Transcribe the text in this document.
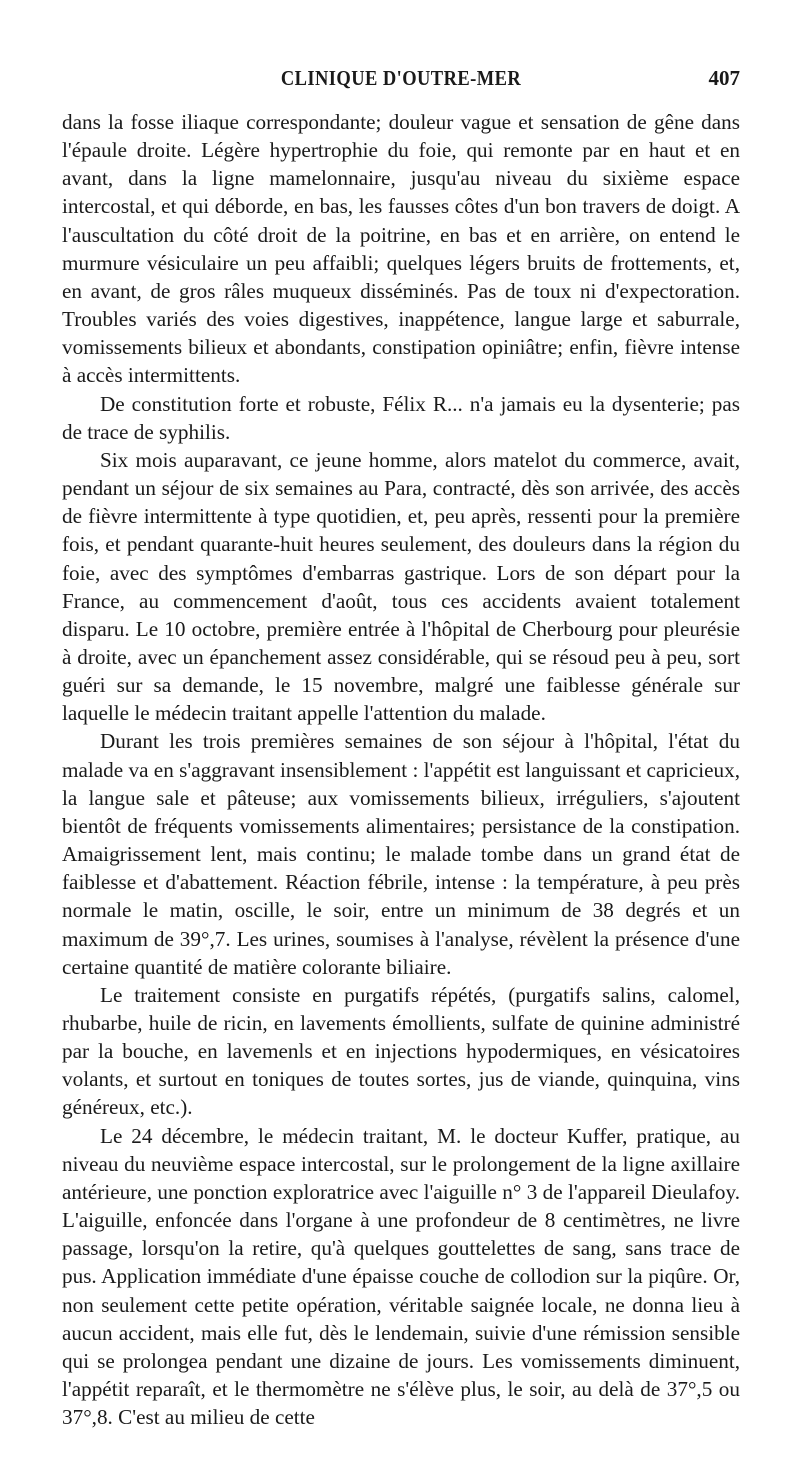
CLINIQUE D'OUTRE-MER	407

dans la fosse iliaque correspondante; douleur vague et sensation de gêne dans l'épaule droite. Légère hypertrophie du foie, qui remonte par en haut et en avant, dans la ligne mamelonnaire, jusqu'au niveau du sixième espace intercostal, et qui déborde, en bas, les fausses côtes d'un bon travers de doigt. A l'auscultation du côté droit de la poitrine, en bas et en arrière, on entend le murmure vésiculaire un peu affaibli; quelques légers bruits de frottements, et, en avant, de gros râles muqueux disséminés. Pas de toux ni d'expectoration. Troubles variés des voies digestives, inappétence, langue large et saburrale, vomissements bilieux et abondants, constipation opiniâtre; enfin, fièvre intense à accès intermittents.

De constitution forte et robuste, Félix R... n'a jamais eu la dysenterie; pas de trace de syphilis.

Six mois auparavant, ce jeune homme, alors matelot du commerce, avait, pendant un séjour de six semaines au Para, contracté, dès son arrivée, des accès de fièvre intermittente à type quotidien, et, peu après, ressenti pour la première fois, et pendant quarante-huit heures seulement, des douleurs dans la région du foie, avec des symptômes d'embarras gastrique. Lors de son départ pour la France, au commencement d'août, tous ces accidents avaient totalement disparu. Le 10 octobre, première entrée à l'hôpital de Cherbourg pour pleurésie à droite, avec un épanchement assez considérable, qui se résoud peu à peu, sort guéri sur sa demande, le 15 novembre, malgré une faiblesse générale sur laquelle le médecin traitant appelle l'attention du malade.

Durant les trois premières semaines de son séjour à l'hôpital, l'état du malade va en s'aggravant insensiblement : l'appétit est languissant et capricieux, la langue sale et pâteuse; aux vomissements bilieux, irréguliers, s'ajoutent bientôt de fréquents vomissements alimentaires; persistance de la constipation. Amaigrissement lent, mais continu; le malade tombe dans un grand état de faiblesse et d'abattement. Réaction fébrile, intense : la température, à peu près normale le matin, oscille, le soir, entre un minimum de 38 degrés et un maximum de 39°,7. Les urines, soumises à l'analyse, révèlent la présence d'une certaine quantité de matière colorante biliaire.

Le traitement consiste en purgatifs répétés, (purgatifs salins, calomel, rhubarbe, huile de ricin, en lavements émollients, sulfate de quinine administré par la bouche, en lavemenls et en injections hypodermiques, en vésicatoires volants, et surtout en toniques de toutes sortes, jus de viande, quinquina, vins généreux, etc.).

Le 24 décembre, le médecin traitant, M. le docteur Kuffer, pratique, au niveau du neuvième espace intercostal, sur le prolongement de la ligne axillaire antérieure, une ponction exploratrice avec l'aiguille n° 3 de l'appareil Dieulafoy. L'aiguille, enfoncée dans l'organe à une profondeur de 8 centimètres, ne livre passage, lorsqu'on la retire, qu'à quelques gouttelettes de sang, sans trace de pus. Application immédiate d'une épaisse couche de collodion sur la piqûre. Or, non seulement cette petite opération, véritable saignée locale, ne donna lieu à aucun accident, mais elle fut, dès le lendemain, suivie d'une rémission sensible qui se prolongea pendant une dizaine de jours. Les vomissements diminuent, l'appétit reparaît, et le thermomètre ne s'élève plus, le soir, au delà de 37°,5 ou 37°,8. C'est au milieu de cette
